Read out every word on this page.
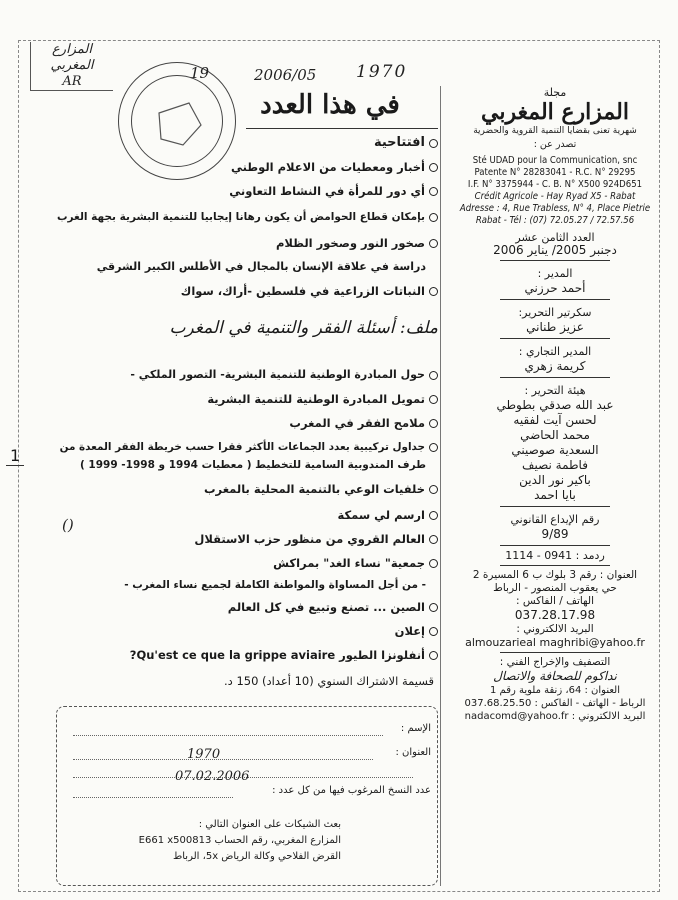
المزارع المغربي
AR	19	2006/05 1970
في هذا العدد
افتتاحية
أخبار ومعطيات من الاعلام الوطني
أي دور للمرأة في النشاط التعاوني
بإمكان قطاع الحوامض أن يكون رهانا إيجابيا للتنمية البشرية بجهة الغرب
صخور النور وصخور الظلام
دراسة في علاقة الإنسان بالمجال في الأطلس الكبير الشرقي
النباتات الزراعية في فلسطين -أراك، سواك
ملف: أسئلة الفقر والتنمية في المغرب
حول المبادرة الوطنية للتنمية البشرية- التصور الملكي -
تمويل المبادرة الوطنية للتنمية البشرية
ملامح الفقر في المغرب
جداول تركيبية بعدد الجماعات الأكثر فقرا حسب خريطة الفقر المعدة من
طرف المندوبية السامية للتخطيط ( معطيات 1994 و 1998- 1999 )
خلفيات الوعي بالتنمية المحلية بالمغرب
ارسم لي سمكة
العالم القروي من منظور حزب الاستقلال
جمعية" نساء الغد" بمراكش
- من أجل المساواة والمواطنة الكاملة لجميع نساء المغرب -
الصين ... تصنع وتبيع في كل العالم
إعلان
أنفلونزا الطيور Qu'est ce que la grippe aviaire?
()
قسيمة الاشتراك السنوي (10 أعداد) 150 د.
الإسم :
العنوان :
عدد النسخ المرغوب فيها من كل عدد :
1970
07.02.2006
بعث الشيكات على العنوان التالي :
المزارع المغربي، رقم الحساب E661 x500813
القرض الفلاحي وكالة الرياض 5x، الرباط
1
مجلة
المزارع المغربي
شهرية تعنى بقضايا التنمية القروية والحضرية
تصدر عن :
Sté UDAD pour la Communication, snc
Patente N° 28283041 - R.C. N° 29295
I.F. N° 3375944 - C. B. N° X500 924D651
Crédit Agricole - Hay Ryad X5 - Rabat
Adresse : 4, Rue Trabless, N° 4, Place Pietrie
Rabat - Tél : (07) 72.05.27 / 72.57.56
العدد الثامن عشر
دجنبر 2005/ يناير 2006
المدير :
أحمد حرزني
سكرتير التحرير:
عزيز طناني
المدير التجاري :
كريمة زهري
هيئة التحرير :
عبد الله صدقي بطوطي
لحسن آيت لفقيه
محمد الحاضي
السعدية صوصيني
فاطمة نصيف
باكير نور الدين
بايا احمد
رقم الإيداع القانوني
9/89
ردمد : 0941 - 1114
العنوان : رقم 3 بلوك ب 6 المسيرة 2
حي يعقوب المنصور - الرباط
الهاتف / الفاكس :
037.28.17.98
البريد الالكتروني :
almouzarieal maghribi@yahoo.fr
التصفيف والإخراج الفني :
نداكوم للصحافة والاتصال
العنوان : 64، زنقة ملوية رقم 1
الرباط - الهاتف - الفاكس : 037.68.25.50
البريد الالكتروني : nadacomd@yahoo.fr
